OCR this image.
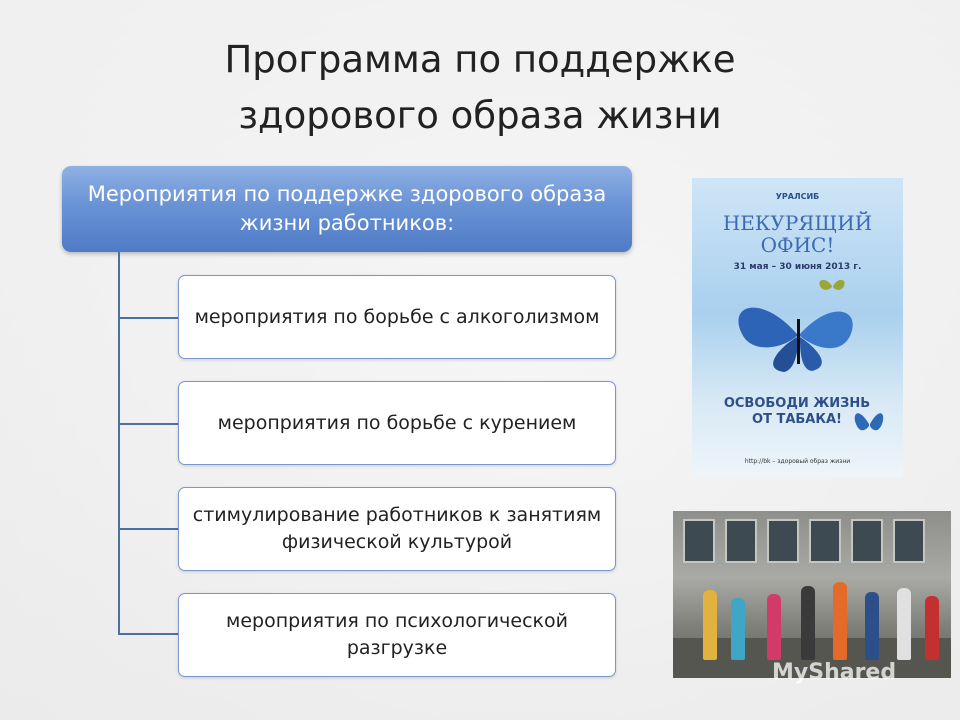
Программа по поддержке
здорового образа жизни
Мероприятия по поддержке здорового образа жизни работников:
мероприятия по борьбе с алкоголизмом
мероприятия по борьбе с курением
стимулирование работников к занятиям физической культурой
мероприятия по психологической разгрузке
УРАЛСИБ
НЕКУРЯЩИЙ
ОФИС!
31 мая – 30 июня 2013 г.
ОСВОБОДИ ЖИЗНЬ ОТ ТАБАКА!
http://bk – здоровый образ жизни
MyShared
